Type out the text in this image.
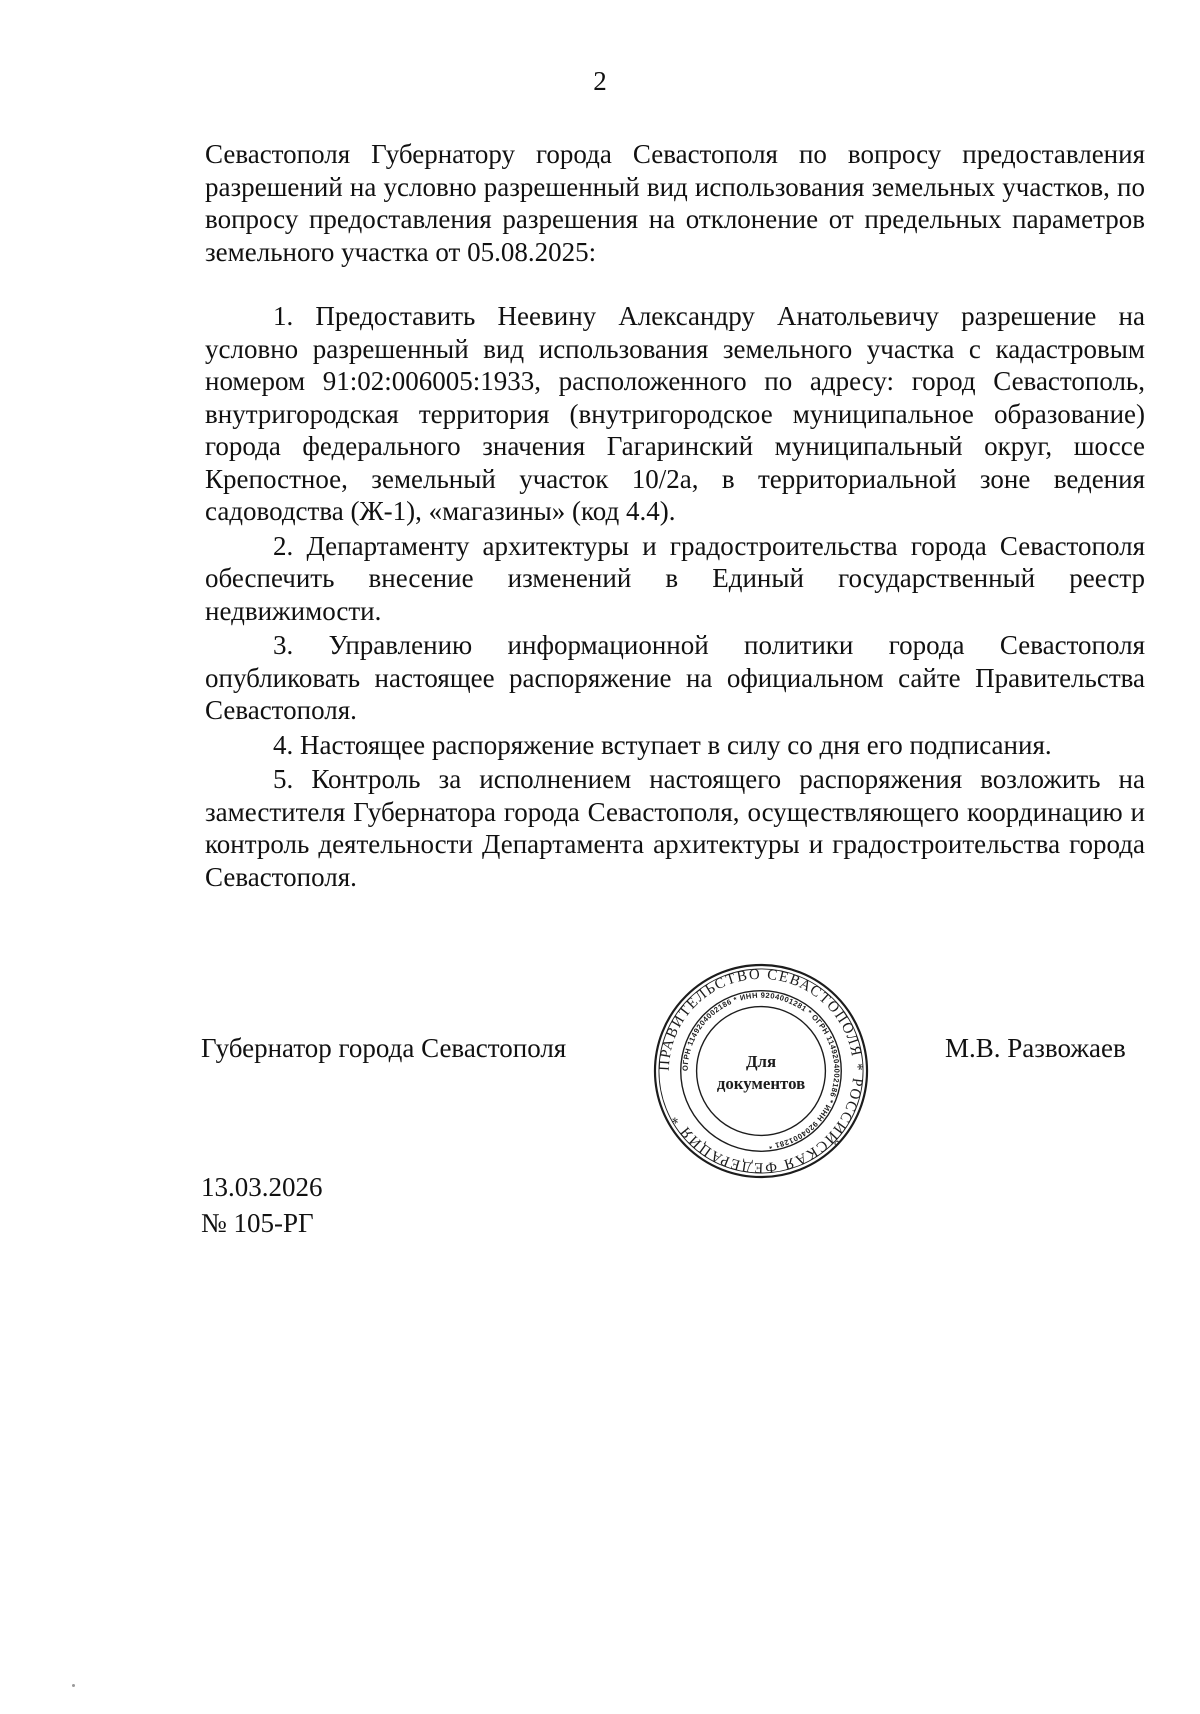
2

Севастополя Губернатору города Севастополя по вопросу предоставления разрешений на условно разрешенный вид использования земельных участков, по вопросу предоставления разрешения на отклонение от предельных параметров земельного участка от 05.08.2025:

1. Предоставить Неевину Александру Анатольевичу разрешение на условно разрешенный вид использования земельного участка с кадастровым номером 91:02:006005:1933, расположенного по адресу: город Севастополь, внутригородская территория (внутригородское муниципальное образование) города федерального значения Гагаринский муниципальный округ, шоссе Крепостное, земельный участок 10/2а, в территориальной зоне ведения садоводства (Ж-1), «магазины» (код 4.4).

2. Департаменту архитектуры и градостроительства города Севастополя обеспечить внесение изменений в Единый государственный реестр недвижимости.

3. Управлению информационной политики города Севастополя опубликовать настоящее распоряжение на официальном сайте Правительства Севастополя.

4. Настоящее распоряжение вступает в силу со дня его подписания.

5. Контроль за исполнением настоящего распоряжения возложить на заместителя Губернатора города Севастополя, осуществляющего координацию и контроль деятельности Департамента архитектуры и градостроительства города Севастополя.

Губернатор города Севастополя
ПРАВИТЕЛЬСТВО СЕВАСТОПОЛЯ * РОССИЙСКАЯ ФЕДЕРАЦИЯ *
ОГРН 1149204002186 * ИНН 9204001281 * ОГРН 1149204002186 * ИНН 9204001281 *
Для
документов
М.В. Развожаев
13.03.2026
№ 105-РГ
